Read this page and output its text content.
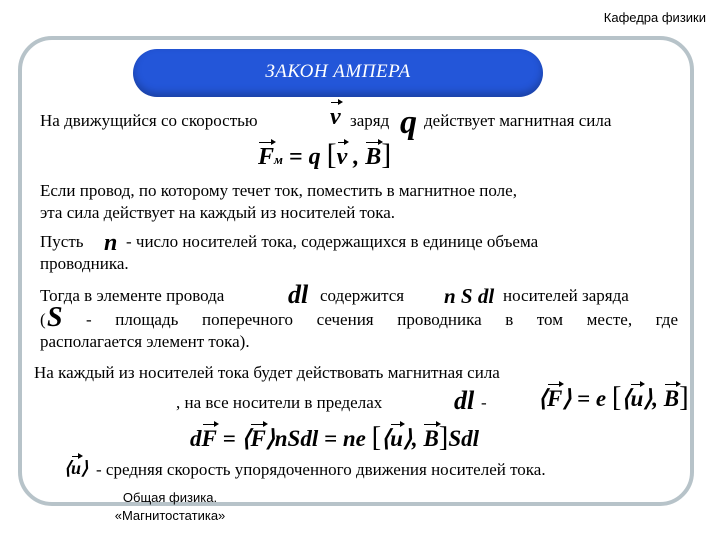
Кафедра физики
ЗАКОН АМПЕРА
На движущийся со скоростью	v заряд q действует магнитная сила
Fм = q [v , B]
Если провод, по которому течет ток, поместить в магнитное поле,
эта сила действует на каждый из носителей тока.
Пусть n - число носителей тока, содержащихся в единице объема
проводника.
Тогда в элементе провода dl содержится n S dl носителей заряда
( S - площадь поперечного сечения проводника в том месте, где
располагается элемент тока).
На каждый из носителей тока будет действовать магнитная сила
, на все носители в пределах	dl - ⟨F⟩ = e [⟨u⟩, B]
dF = ⟨F⟩nSdl = ne [⟨u⟩, B]Sdl
⟨u⟩ - средняя скорость упорядоченного движения носителей тока.
Общая физика.
«Магнитостатика»
